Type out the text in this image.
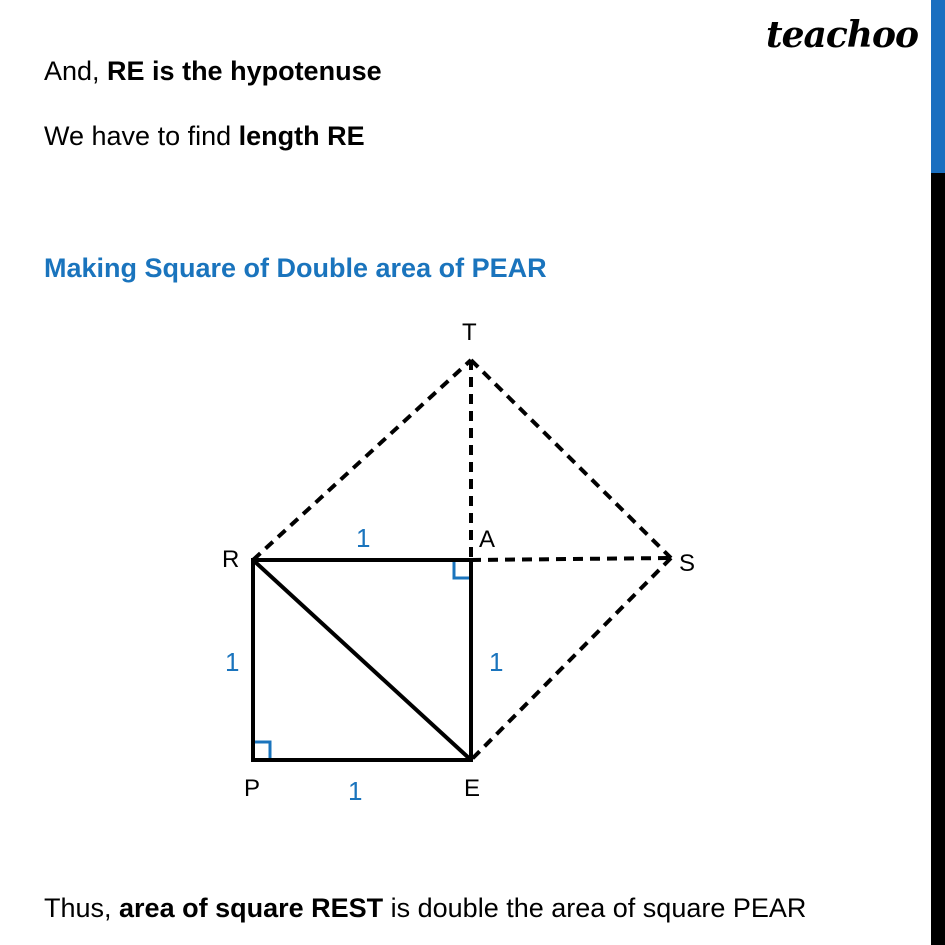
teachoo
And, RE is the hypotenuse
We have to find length RE
Making Square of Double area of PEAR
Thus, area of square REST is double the area of square PEAR
T
A
R	S
P	E
1
1	1
1
